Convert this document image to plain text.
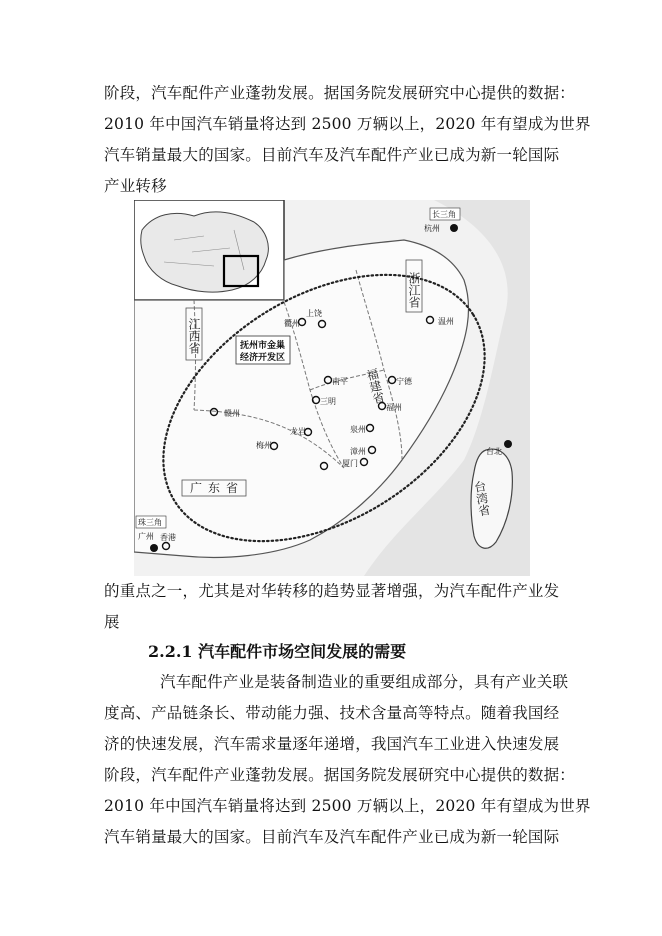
阶段，汽车配件产业蓬勃发展。据国务院发展研究中心提供的数据：
2010 年中国汽车销量将达到 2500 万辆以上，2020 年有望成为世界
汽车销量最大的国家。目前汽车及汽车配件产业已成为新一轮国际
产业转移
浙江省
江西省
福建省
广东省	台湾省
抚州市金巢
经济开发区
长三角
杭州
上饶
衢州	温州
南平	宁德
三明
福州
赣州
龙岩	泉州
梅州
漳州
厦门
台北
珠三角
广州 香港
的重点之一，尤其是对华转移的趋势显著增强，为汽车配件产业发
展
2.2.1 汽车配件市场空间发展的需要
汽车配件产业是装备制造业的重要组成部分，具有产业关联
度高、产品链条长、带动能力强、技术含量高等特点。随着我国经
济的快速发展，汽车需求量逐年递增，我国汽车工业进入快速发展
阶段，汽车配件产业蓬勃发展。据国务院发展研究中心提供的数据：
2010 年中国汽车销量将达到 2500 万辆以上，2020 年有望成为世界
汽车销量最大的国家。目前汽车及汽车配件产业已成为新一轮国际
